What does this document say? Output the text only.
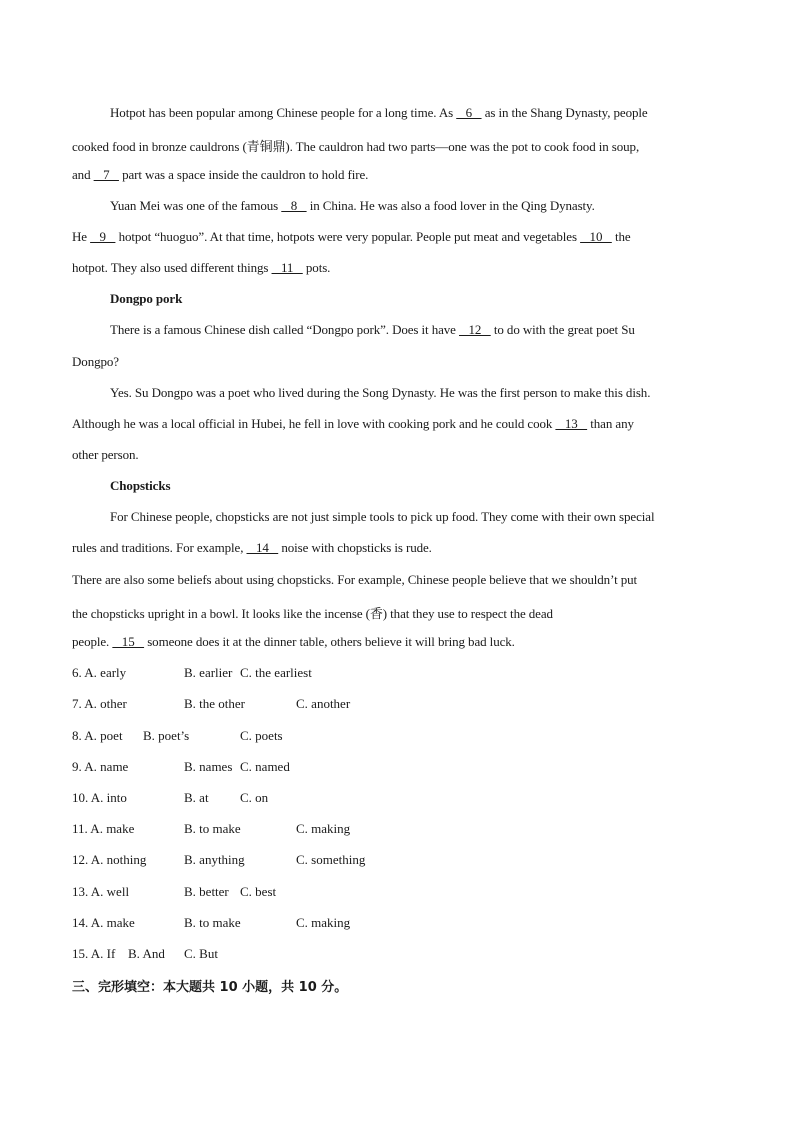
Hotpot has been popular among Chinese people for a long time. As    6    as in the Shang Dynasty, people
cooked food in bronze cauldrons (青铜鼎). The cauldron had two parts—one was the pot to cook food in soup,
and    7    part was a space inside the cauldron to hold fire.
Yuan Mei was one of the famous    8    in China. He was also a food lover in the Qing Dynasty.
He    9    hotpot “huoguo”. At that time, hotpots were very popular. People put meat and vegetables    10    the
hotpot. They also used different things    11    pots.
Dongpo pork
There is a famous Chinese dish called “Dongpo pork”. Does it have    12    to do with the great poet Su
Dongpo?
Yes. Su Dongpo was a poet who lived during the Song Dynasty. He was the first person to make this dish.
Although he was a local official in Hubei, he fell in love with cooking pork and he could cook    13    than any
other person.
Chopsticks
For Chinese people, chopsticks are not just simple tools to pick up food. They come with their own special
rules and traditions. For example,    14    noise with chopsticks is rude.
There are also some beliefs about using chopsticks. For example, Chinese people believe that we shouldn’t put
the chopsticks upright in a bowl. It looks like the incense (香) that they use to respect the dead
people.    15    someone does it at the dinner table, others believe it will bring bad luck.
6. A. early	B. earlier C. the earliest
7. A. other	B. the other	C. another
8. A. poet B. poet’s	C. poets
9. A. name	B. names C. named
10. A. into	B. at C. on
11. A. make	B. to make	C. making
12. A. nothing	B. anything	C. something
13. A. well	B. better C. best
14. A. make	B. to make	C. making
15. A. If B. And C. But
三、完形填空：本大题共 10 小题，共 10 分。
